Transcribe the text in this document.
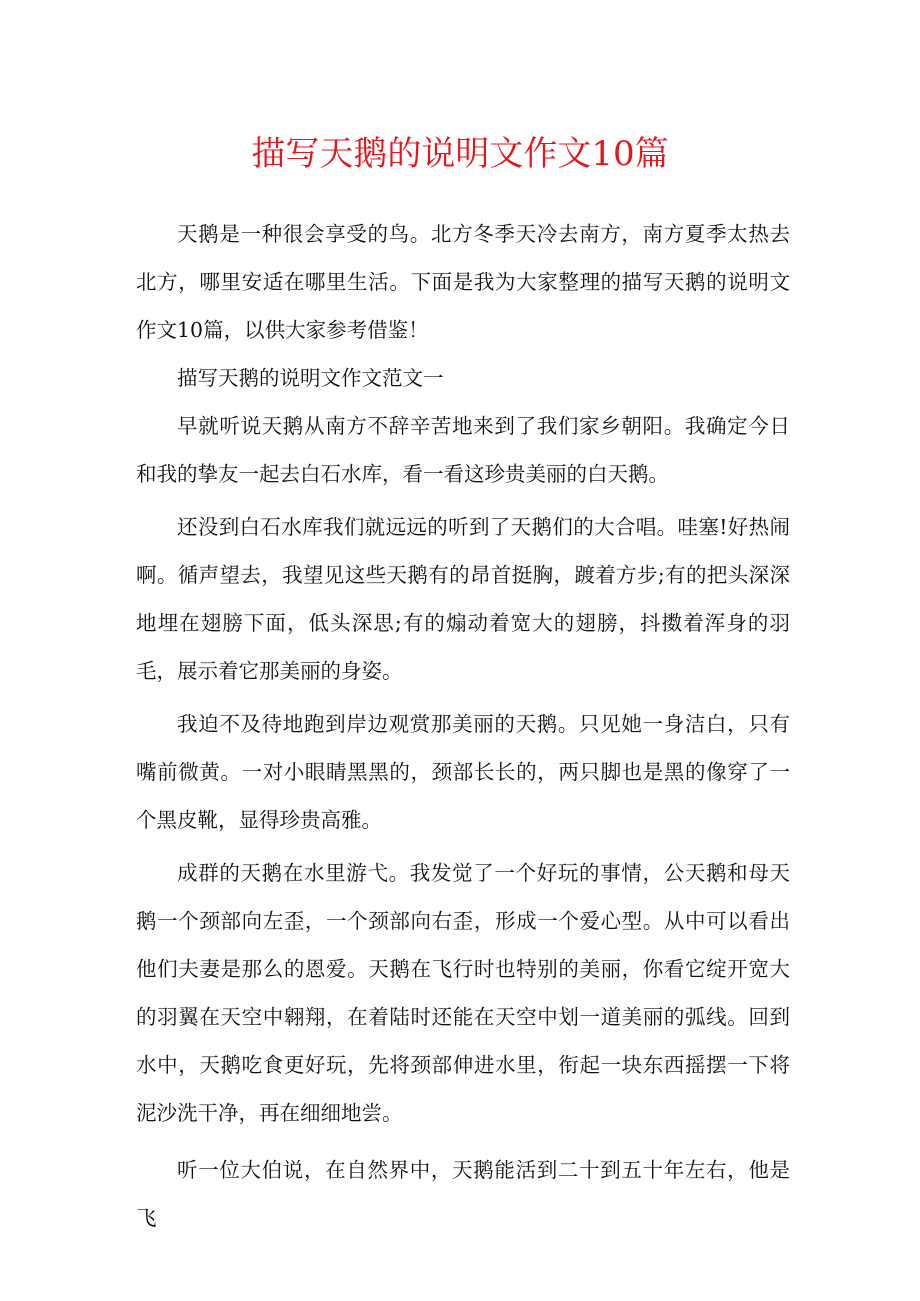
描写天鹅的说明文作文10篇

天鹅是一种很会享受的鸟。北方冬季天冷去南方，南方夏季太热去北方，哪里安适在哪里生活。下面是我为大家整理的描写天鹅的说明文作文10篇，以供大家参考借鉴！

描写天鹅的说明文作文范文一

早就听说天鹅从南方不辞辛苦地来到了我们家乡朝阳。我确定今日和我的挚友一起去白石水库，看一看这珍贵美丽的白天鹅。

还没到白石水库我们就远远的听到了天鹅们的大合唱。哇塞!好热闹啊。循声望去，我望见这些天鹅有的昂首挺胸，踱着方步;有的把头深深地埋在翅膀下面，低头深思;有的煽动着宽大的翅膀，抖擞着浑身的羽毛，展示着它那美丽的身姿。

我迫不及待地跑到岸边观赏那美丽的天鹅。只见她一身洁白，只有嘴前微黄。一对小眼睛黑黑的，颈部长长的，两只脚也是黑的像穿了一个黑皮靴，显得珍贵高雅。

成群的天鹅在水里游弋。我发觉了一个好玩的事情，公天鹅和母天鹅一个颈部向左歪，一个颈部向右歪，形成一个爱心型。从中可以看出他们夫妻是那么的恩爱。天鹅在飞行时也特别的美丽，你看它绽开宽大的羽翼在天空中翱翔，在着陆时还能在天空中划一道美丽的弧线。回到水中，天鹅吃食更好玩，先将颈部伸进水里，衔起一块东西摇摆一下将泥沙洗干净，再在细细地尝。

听一位大伯说，在自然界中，天鹅能活到二十到五十年左右，他是飞
